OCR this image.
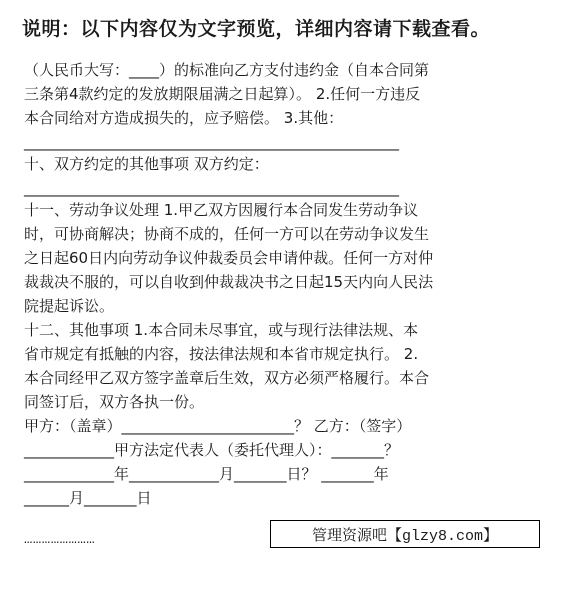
说明：以下内容仅为文字预览，详细内容请下载查看。
（人民币大写：____）的标准向乙方支付违约金（自本合同第
三条第4款约定的发放期限届满之日起算）。 2.任何一方违反
本合同给对方造成损失的，应予赔偿。 3.其他：
__________________________________________________
十、双方约定的其他事项 双方约定：
__________________________________________________
十一、劳动争议处理 1.甲乙双方因履行本合同发生劳动争议
时，可协商解决；协商不成的，任何一方可以在劳动争议发生
之日起60日内向劳动争议仲裁委员会申请仲裁。任何一方对仲
裁裁决不服的，可以自收到仲裁裁决书之日起15天内向人民法
院提起诉讼。
十二、其他事项 1.本合同未尽事宜，或与现行法律法规、本
省市规定有抵触的内容，按法律法规和本省市规定执行。 2.
本合同经甲乙双方签字盖章后生效，双方必须严格履行。本合
同签订后，双方各执一份。
甲方：（盖章）_______________________？ 乙方：（签字）
____________甲方法定代表人（委托代理人）：_______？
____________年____________月_______日？ _______年
______月_______日
……………………	管理资源吧【glzy8.com】
